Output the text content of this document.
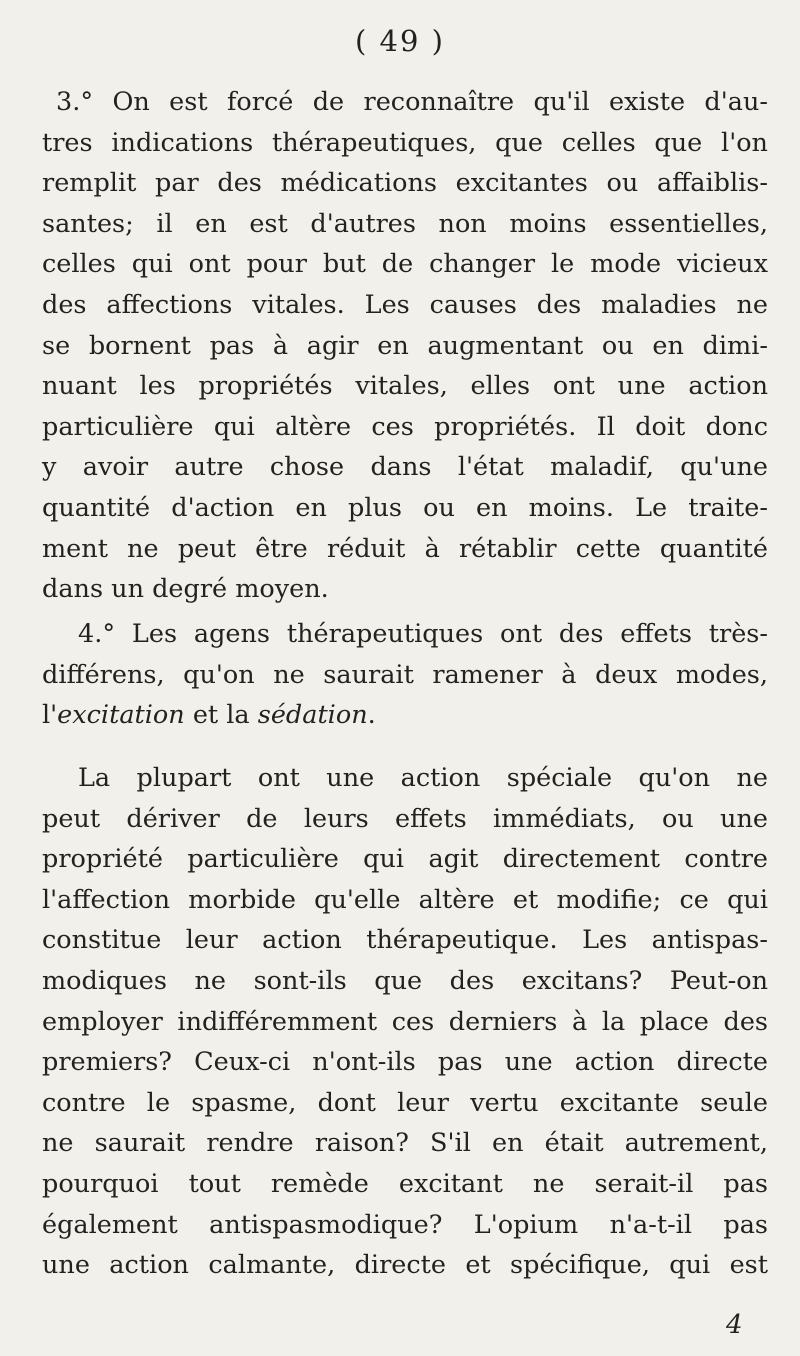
( 49 )
3.° On est forcé de reconnaître qu'il existe d'au-
tres indications thérapeutiques, que celles que l'on
remplit par des médications excitantes ou affaiblis-
santes; il en est d'autres non moins essentielles,
celles qui ont pour but de changer le mode vicieux
des affections vitales. Les causes des maladies ne
se bornent pas à agir en augmentant ou en dimi-
nuant les propriétés vitales, elles ont une action
particulière qui altère ces propriétés. Il doit donc
y avoir autre chose dans l'état maladif, qu'une
quantité d'action en plus ou en moins. Le traite-
ment ne peut être réduit à rétablir cette quantité
dans un degré moyen.
4.° Les agens thérapeutiques ont des effets très-
différens, qu'on ne saurait ramener à deux modes,
l'excitation et la sédation.
La plupart ont une action spéciale qu'on ne
peut dériver de leurs effets immédiats, ou une
propriété particulière qui agit directement contre
l'affection morbide qu'elle altère et modifie; ce qui
constitue leur action thérapeutique. Les antispas-
modiques ne sont-ils que des excitans? Peut-on
employer indifféremment ces derniers à la place des
premiers? Ceux-ci n'ont-ils pas une action directe
contre le spasme, dont leur vertu excitante seule
ne saurait rendre raison? S'il en était autrement,
pourquoi tout remède excitant ne serait-il pas
également antispasmodique? L'opium n'a-t-il pas
une action calmante, directe et spécifique, qui est
4
